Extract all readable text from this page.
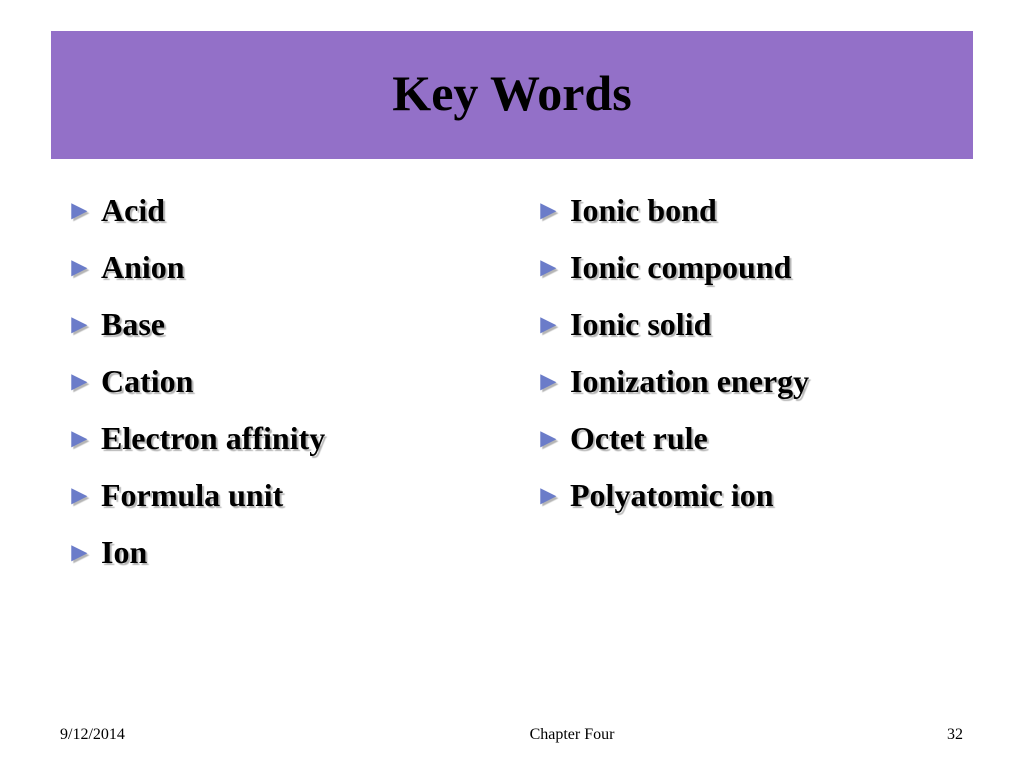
Key Words
► Acid
► Anion
► Base
► Cation
► Electron affinity
► Formula unit
► Ion
► Ionic bond
► Ionic compound
► Ionic solid
► Ionization energy
► Octet rule
► Polyatomic ion
9/12/2014	Chapter Four	32
